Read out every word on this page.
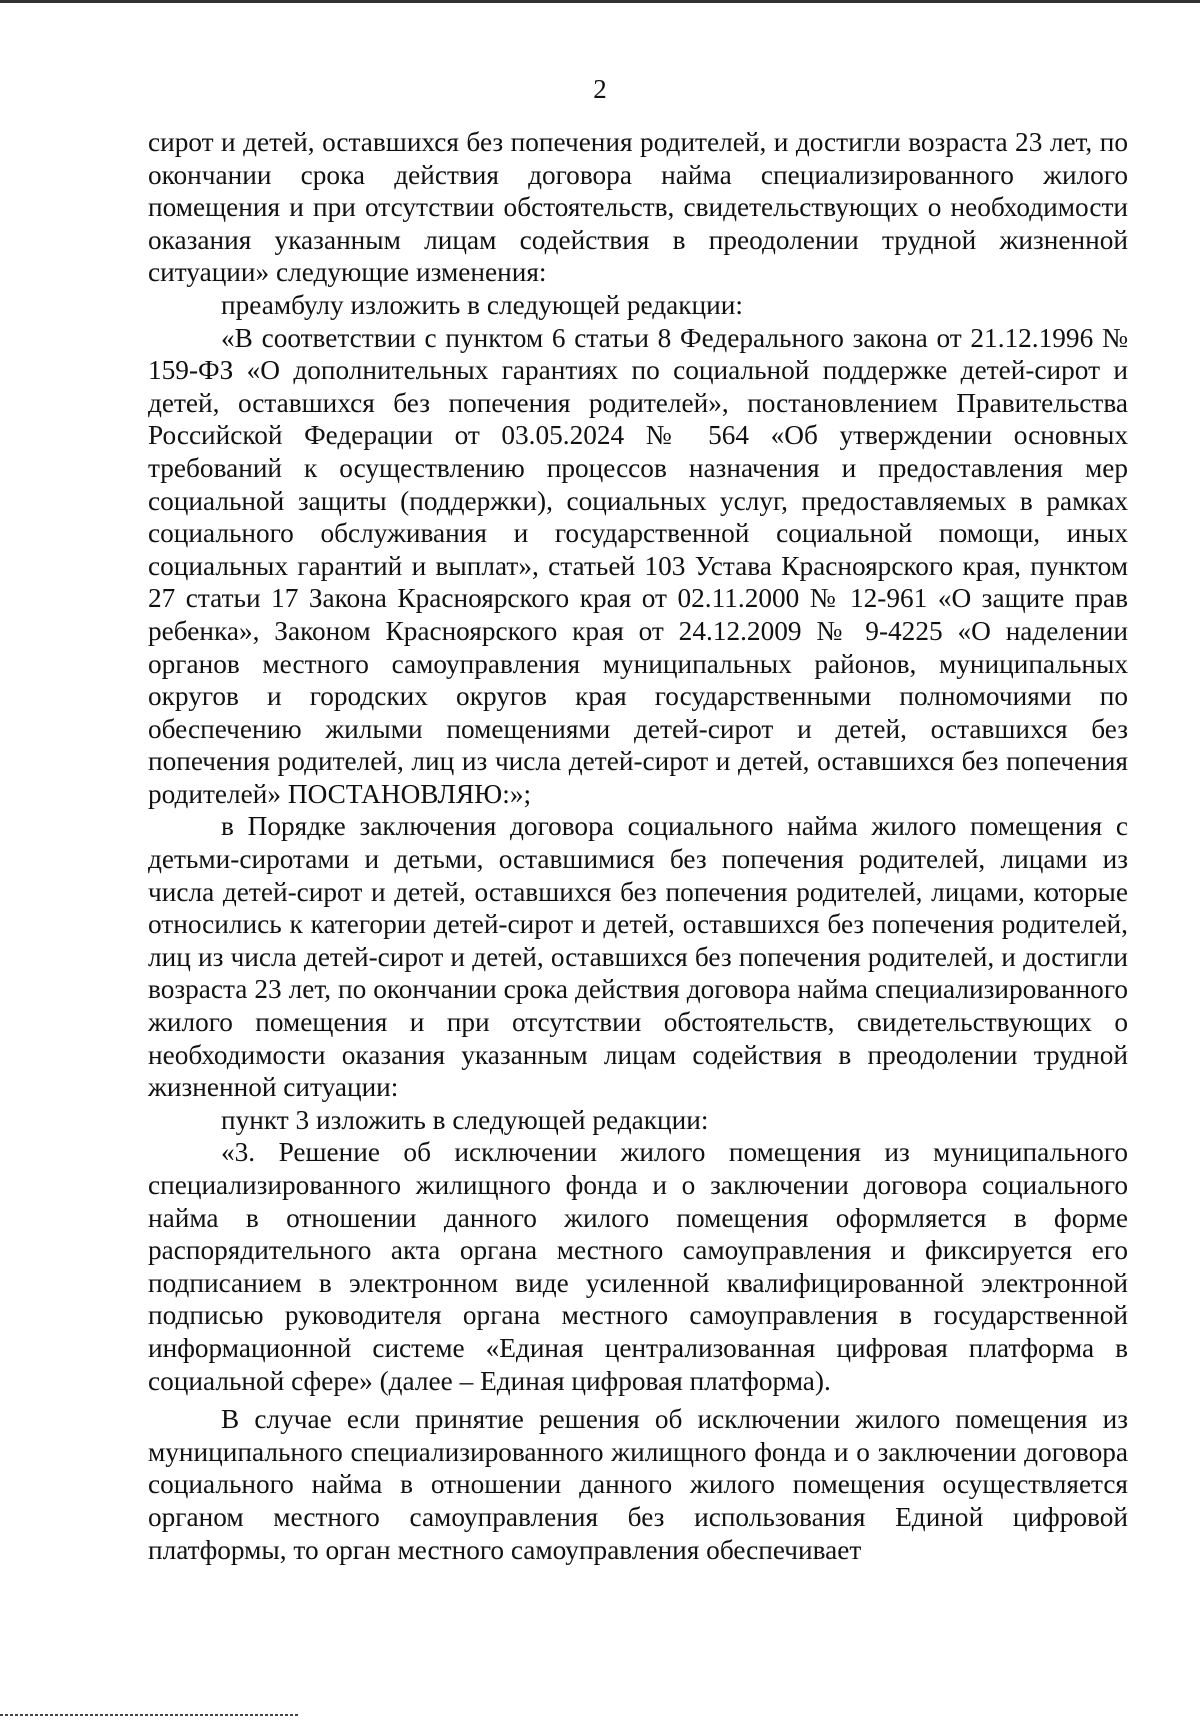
2

сирот и детей, оставшихся без попечения родителей, и достигли возраста 23 лет, по окончании срока действия договора найма специализированного жилого помещения и при отсутствии обстоятельств, свидетельствующих о необходимости оказания указанным лицам содействия в преодолении трудной жизненной ситуации» следующие изменения:

преамбулу изложить в следующей редакции:

«В соответствии с пунктом 6 статьи 8 Федерального закона от 21.12.1996 № 159-ФЗ «О дополнительных гарантиях по социальной поддержке детей-сирот и детей, оставшихся без попечения родителей», постановлением Правительства Российской Федерации от 03.05.2024 № 564 «Об утверждении основных требований к осуществлению процессов назначения и предоставления мер социальной защиты (поддержки), социальных услуг, предоставляемых в рамках социального обслуживания и государственной социальной помощи, иных социальных гарантий и выплат», статьей 103 Устава Красноярского края, пунктом 27 статьи 17 Закона Красноярского края от 02.11.2000 № 12-961 «О защите прав ребенка», Законом Красноярского края от 24.12.2009 № 9-4225 «О наделении органов местного самоуправления муниципальных районов, муниципальных округов и городских округов края государственными полномочиями по обеспечению жилыми помещениями детей-сирот и детей, оставшихся без попечения родителей, лиц из числа детей-сирот и детей, оставшихся без попечения родителей» ПОСТАНОВЛЯЮ:»;

в Порядке заключения договора социального найма жилого помещения с детьми-сиротами и детьми, оставшимися без попечения родителей, лицами из числа детей-сирот и детей, оставшихся без попечения родителей, лицами, которые относились к категории детей-сирот и детей, оставшихся без попечения родителей, лиц из числа детей-сирот и детей, оставшихся без попечения родителей, и достигли возраста 23 лет, по окончании срока действия договора найма специализированного жилого помещения и при отсутствии обстоятельств, свидетельствующих о необходимости оказания указанным лицам содействия в преодолении трудной жизненной ситуации:

пункт 3 изложить в следующей редакции:

«3. Решение об исключении жилого помещения из муниципального специализированного жилищного фонда и о заключении договора социального найма в отношении данного жилого помещения оформляется в форме распорядительного акта органа местного самоуправления и фиксируется его подписанием в электронном виде усиленной квалифицированной электронной подписью руководителя органа местного самоуправления в государственной информационной системе «Единая централизованная цифровая платформа в социальной сфере» (далее – Единая цифровая платформа).

В случае если принятие решения об исключении жилого помещения из муниципального специализированного жилищного фонда и о заключении договора социального найма в отношении данного жилого помещения осуществляется органом местного самоуправления без использования Единой цифровой платформы, то орган местного самоуправления обеспечивает
